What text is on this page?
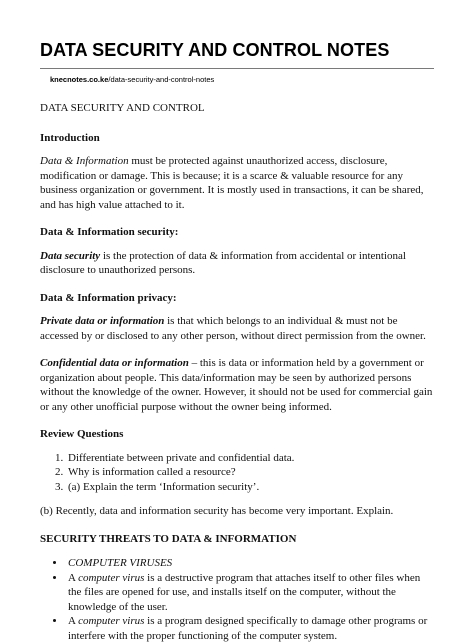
DATA SECURITY AND CONTROL NOTES
knecnotes.co.ke/data-security-and-control-notes
DATA SECURITY AND CONTROL
Introduction

Data & Information must be protected against unauthorized access, disclosure, modification or damage. This is because; it is a scarce & valuable resource for any business organization or government. It is mostly used in transactions, it can be shared, and has high value attached to it.

Data & Information security:

Data security is the protection of data & information from accidental or intentional disclosure to unauthorized persons.

Data & Information privacy:

Private data or information is that which belongs to an individual & must not be accessed by or disclosed to any other person, without direct permission from the owner.

Confidential data or information – this is data or information held by a government or organization about people. This data/information may be seen by authorized persons without the knowledge of the owner. However, it should not be used for commercial gain or any other unofficial purpose without the owner being informed.

Review Questions
1. Differentiate between private and confidential data.
2. Why is information called a resource?
3. (a) Explain the term ‘Information security’.

(b) Recently, data and information security has become very important. Explain.

SECURITY THREATS TO DATA & INFORMATION
• COMPUTER VIRUSES
• A computer virus is a destructive program that attaches itself to other files when the files are opened for use, and installs itself on the computer, without the knowledge of the user.
• A computer virus is a program designed specifically to damage other programs or interfere with the proper functioning of the computer system.
